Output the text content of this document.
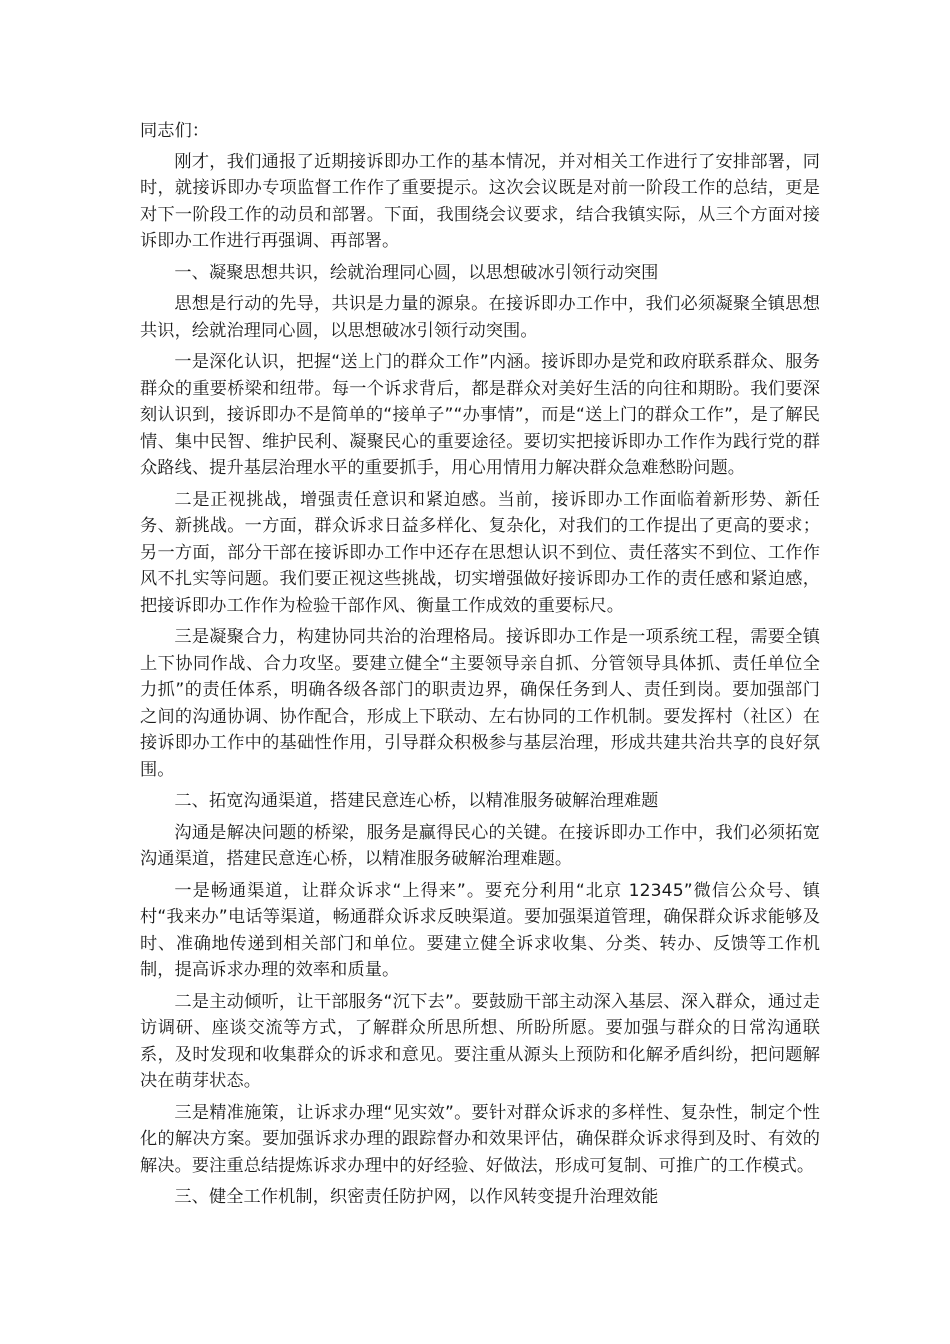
同志们：

刚才，我们通报了近期接诉即办工作的基本情况，并对相关工作进行了安排部署，同时，就接诉即办专项监督工作作了重要提示。这次会议既是对前一阶段工作的总结，更是对下一阶段工作的动员和部署。下面，我围绕会议要求，结合我镇实际，从三个方面对接诉即办工作进行再强调、再部署。

一、凝聚思想共识，绘就治理同心圆，以思想破冰引领行动突围

思想是行动的先导，共识是力量的源泉。在接诉即办工作中，我们必须凝聚全镇思想共识，绘就治理同心圆，以思想破冰引领行动突围。

一是深化认识，把握“送上门的群众工作”内涵。接诉即办是党和政府联系群众、服务群众的重要桥梁和纽带。每一个诉求背后，都是群众对美好生活的向往和期盼。我们要深刻认识到，接诉即办不是简单的“接单子”“办事情”，而是“送上门的群众工作”，是了解民情、集中民智、维护民利、凝聚民心的重要途径。要切实把接诉即办工作作为践行党的群众路线、提升基层治理水平的重要抓手，用心用情用力解决群众急难愁盼问题。

二是正视挑战，增强责任意识和紧迫感。当前，接诉即办工作面临着新形势、新任务、新挑战。一方面，群众诉求日益多样化、复杂化，对我们的工作提出了更高的要求；另一方面，部分干部在接诉即办工作中还存在思想认识不到位、责任落实不到位、工作作风不扎实等问题。我们要正视这些挑战，切实增强做好接诉即办工作的责任感和紧迫感，把接诉即办工作作为检验干部作风、衡量工作成效的重要标尺。

三是凝聚合力，构建协同共治的治理格局。接诉即办工作是一项系统工程，需要全镇上下协同作战、合力攻坚。要建立健全“主要领导亲自抓、分管领导具体抓、责任单位全力抓”的责任体系，明确各级各部门的职责边界，确保任务到人、责任到岗。要加强部门之间的沟通协调、协作配合，形成上下联动、左右协同的工作机制。要发挥村（社区）在接诉即办工作中的基础性作用，引导群众积极参与基层治理，形成共建共治共享的良好氛围。

二、拓宽沟通渠道，搭建民意连心桥，以精准服务破解治理难题

沟通是解决问题的桥梁，服务是赢得民心的关键。在接诉即办工作中，我们必须拓宽沟通渠道，搭建民意连心桥，以精准服务破解治理难题。

一是畅通渠道，让群众诉求“上得来”。要充分利用“北京 12345”微信公众号、镇村“我来办”电话等渠道，畅通群众诉求反映渠道。要加强渠道管理，确保群众诉求能够及时、准确地传递到相关部门和单位。要建立健全诉求收集、分类、转办、反馈等工作机制，提高诉求办理的效率和质量。

二是主动倾听，让干部服务“沉下去”。要鼓励干部主动深入基层、深入群众，通过走访调研、座谈交流等方式，了解群众所思所想、所盼所愿。要加强与群众的日常沟通联系，及时发现和收集群众的诉求和意见。要注重从源头上预防和化解矛盾纠纷，把问题解决在萌芽状态。

三是精准施策，让诉求办理“见实效”。要针对群众诉求的多样性、复杂性，制定个性化的解决方案。要加强诉求办理的跟踪督办和效果评估，确保群众诉求得到及时、有效的解决。要注重总结提炼诉求办理中的好经验、好做法，形成可复制、可推广的工作模式。

三、健全工作机制，织密责任防护网，以作风转变提升治理效能
